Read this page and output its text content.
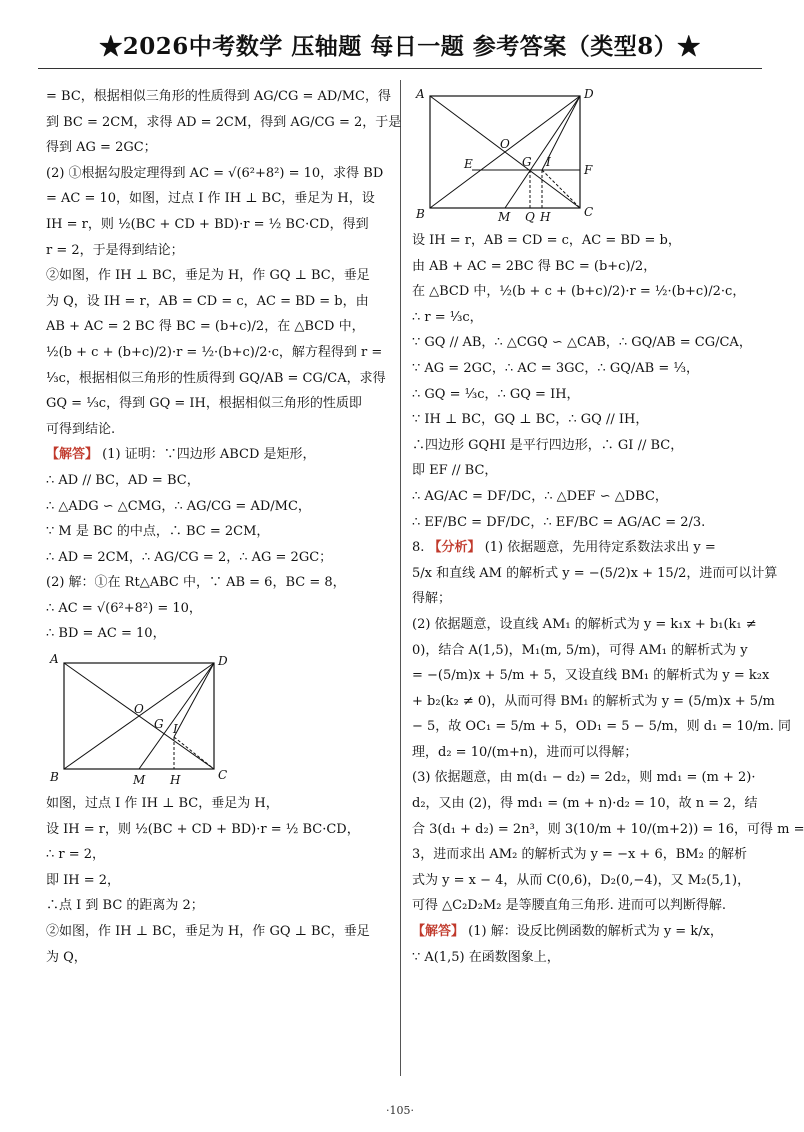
★2026中考数学 压轴题 每日一题 参考答案（类型8）★
= BC，根据相似三角形的性质得到 AG/CG = AD/MC，得
到 BC = 2CM，求得 AD = 2CM，得到 AG/CG = 2，于是
得到 AG = 2GC；
(2) ①根据勾股定理得到 AC = √(6²+8²) = 10，求得 BD
= AC = 10，如图，过点 I 作 IH ⊥ BC，垂足为 H，设
IH = r，则 ½(BC + CD + BD)·r = ½ BC·CD，得到
r = 2，于是得到结论；
②如图，作 IH ⊥ BC，垂足为 H，作 GQ ⊥ BC，垂足
为 Q，设 IH = r，AB = CD = c，AC = BD = b，由
AB + AC = 2 BC 得 BC = (b+c)/2，在 △BCD 中，
½(b + c + (b+c)/2)·r = ½·(b+c)/2·c，解方程得到 r =
⅓c，根据相似三角形的性质得到 GQ/AB = CG/CA，求得
GQ = ⅓c，得到 GQ = IH，根据相似三角形的性质即
可得到结论.
【解答】 (1) 证明：∵四边形 ABCD 是矩形，
∴ AD // BC，AD = BC，
∴ △ADG ∽ △CMG，∴ AG/CG = AD/MC，
∵ M 是 BC 的中点，∴ BC = 2CM，
∴ AD = 2CM，∴ AG/CG = 2，∴ AG = 2GC；
(2) 解：①在 Rt△ABC 中，∵ AB = 6，BC = 8，
∴ AC = √(6²+8²) = 10，
∴ BD = AC = 10，
A	D
B	C
O
G I
M H
如图，过点 I 作 IH ⊥ BC，垂足为 H，
设 IH = r，则 ½(BC + CD + BD)·r = ½ BC·CD，
∴ r = 2，
即 IH = 2，
∴点 I 到 BC 的距离为 2；
②如图，作 IH ⊥ BC，垂足为 H，作 GQ ⊥ BC，垂足
为 Q，
A	D
B	C
O
E	G I
F
M Q H
设 IH = r，AB = CD = c，AC = BD = b，
由 AB + AC = 2BC 得 BC = (b+c)/2，
在 △BCD 中，½(b + c + (b+c)/2)·r = ½·(b+c)/2·c，
∴ r = ⅓c，
∵ GQ // AB，∴ △CGQ ∽ △CAB，∴ GQ/AB = CG/CA，
∵ AG = 2GC，∴ AC = 3GC，∴ GQ/AB = ⅓，
∴ GQ = ⅓c，∴ GQ = IH，
∵ IH ⊥ BC，GQ ⊥ BC，∴ GQ // IH，
∴四边形 GQHI 是平行四边形，∴ GI // BC，
即 EF // BC，
∴ AG/AC = DF/DC，∴ △DEF ∽ △DBC，
∴ EF/BC = DF/DC，∴ EF/BC = AG/AC = 2/3.
8. 【分析】 (1) 依据题意，先用待定系数法求出 y =
5/x 和直线 AM 的解析式 y = −(5/2)x + 15/2，进而可以计算
得解；
(2) 依据题意，设直线 AM₁ 的解析式为 y = k₁x + b₁(k₁ ≠
0)，结合 A(1,5)，M₁(m, 5/m)，可得 AM₁ 的解析式为 y
= −(5/m)x + 5/m + 5，又设直线 BM₁ 的解析式为 y = k₂x
+ b₂(k₂ ≠ 0)，从而可得 BM₁ 的解析式为 y = (5/m)x + 5/m
− 5，故 OC₁ = 5/m + 5，OD₁ = 5 − 5/m，则 d₁ = 10/m. 同
理，d₂ = 10/(m+n)，进而可以得解；
(3) 依据题意，由 m(d₁ − d₂) = 2d₂，则 md₁ = (m + 2)·
d₂，又由 (2)，得 md₁ = (m + n)·d₂ = 10，故 n = 2，结
合 3(d₁ + d₂) = 2n³，则 3(10/m + 10/(m+2)) = 16，可得 m =
3，进而求出 AM₂ 的解析式为 y = −x + 6，BM₂ 的解析
式为 y = x − 4，从而 C(0,6)，D₂(0,−4)，又 M₂(5,1)，
可得 △C₂D₂M₂ 是等腰直角三角形. 进而可以判断得解.
【解答】 (1) 解：设反比例函数的解析式为 y = k/x，
∵ A(1,5) 在函数图象上，
·105·
